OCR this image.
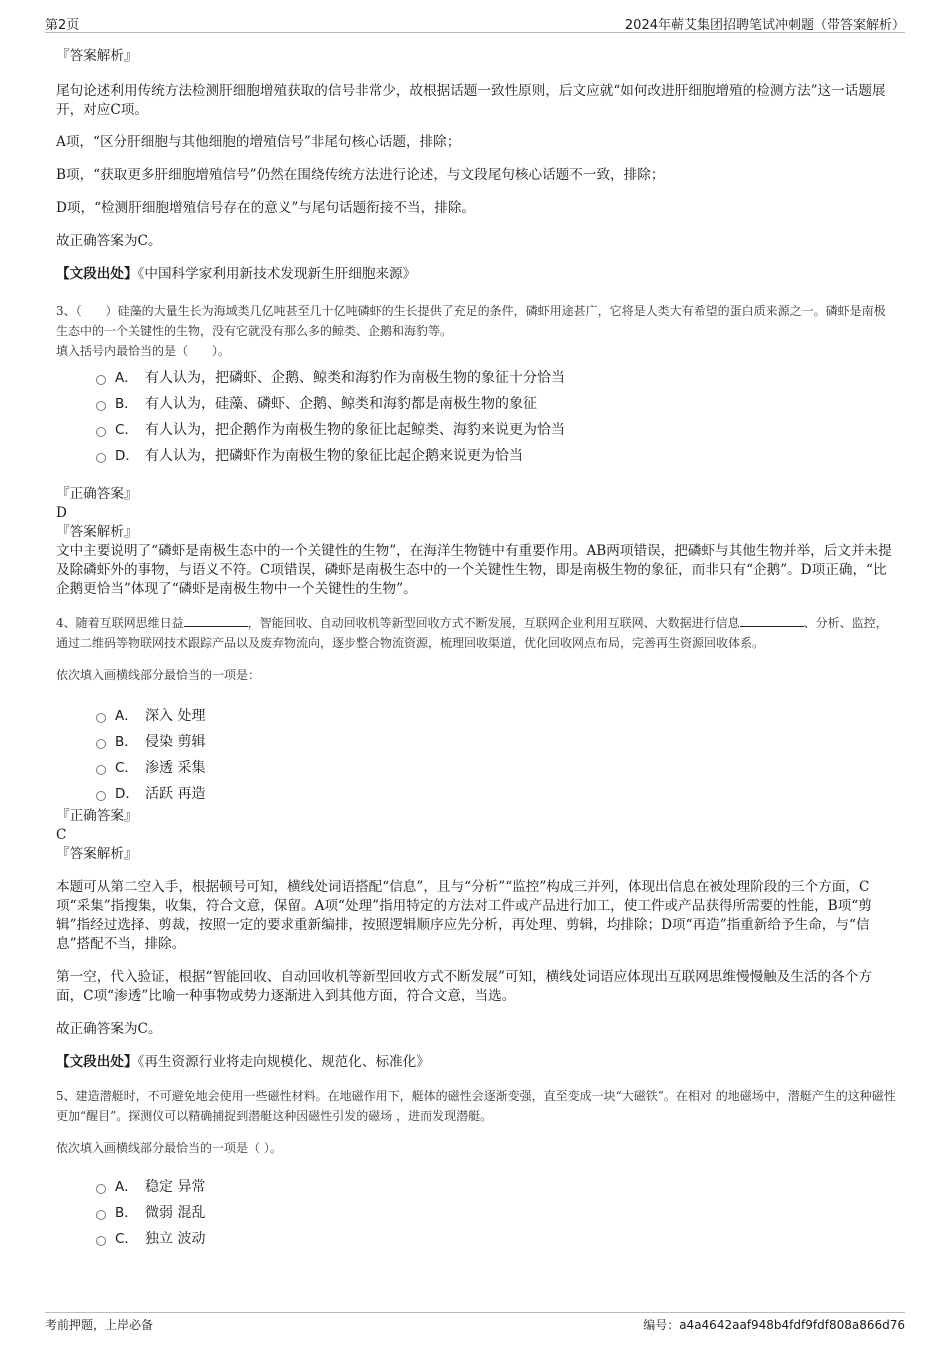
第2页	2024年蕲艾集团招聘笔试冲刺题（带答案解析）

『答案解析』

尾句论述利用传统方法检测肝细胞增殖获取的信号非常少，故根据话题一致性原则，后文应就“如何改进肝细胞增殖的检测方法”这一话题展开，对应C项。

A项，“区分肝细胞与其他细胞的增殖信号”非尾句核心话题，排除；

B项，“获取更多肝细胞增殖信号”仍然在围绕传统方法进行论述，与文段尾句核心话题不一致，排除；

D项，“检测肝细胞增殖信号存在的意义”与尾句话题衔接不当，排除。

故正确答案为C。

【文段出处】《中国科学家利用新技术发现新生肝细胞来源》

3、（　　）硅藻的大量生长为海域类几亿吨甚至几十亿吨磷虾的生长提供了充足的条件，磷虾用途甚广，它将是人类大有希望的蛋白质来源之一。磷虾是南极生态中的一个关键性的生物，没有它就没有那么多的鲸类、企鹅和海豹等。

填入括号内最恰当的是（　　）。

A． 有人认为，把磷虾、企鹅、鲸类和海豹作为南极生物的象征十分恰当
B． 有人认为，硅藻、磷虾、企鹅、鲸类和海豹都是南极生物的象征
C． 有人认为，把企鹅作为南极生物的象征比起鲸类、海豹来说更为恰当
D． 有人认为，把磷虾作为南极生物的象征比起企鹅来说更为恰当

『正确答案』

D

『答案解析』

文中主要说明了“磷虾是南极生态中的一个关键性的生物”，在海洋生物链中有重要作用。AB两项错误，把磷虾与其他生物并举，后文并未提及除磷虾外的事物，与语义不符。C项错误，磷虾是南极生态中的一个关键性生物，即是南极生物的象征，而非只有“企鹅”。D项正确，“比企鹅更恰当”体现了“磷虾是南极生物中一个关键性的生物”。

4、随着互联网思维日益	，智能回收、自动回收机等新型回收方式不断发展，互联网企业利用互联网、大数据进行信息	、分析、监控，通过二维码等物联网技术跟踪产品以及废弃物流向，逐步整合物流资源，梳理回收渠道，优化回收网点布局，完善再生资源回收体系。

依次填入画横线部分最恰当的一项是：

A． 深入 处理
B． 侵染 剪辑
C． 渗透 采集
D． 活跃 再造

『正确答案』

C

『答案解析』

本题可从第二空入手，根据顿号可知，横线处词语搭配“信息”，且与“分析”“监控”构成三并列，体现出信息在被处理阶段的三个方面，C项“采集”指搜集，收集，符合文意，保留。A项“处理”指用特定的方法对工件或产品进行加工，使工件或产品获得所需要的性能，B项“剪辑”指经过选择、剪裁，按照一定的要求重新编排，按照逻辑顺序应先分析，再处理、剪辑，均排除；D项“再造”指重新给予生命，与“信息”搭配不当，排除。

第一空，代入验证，根据“智能回收、自动回收机等新型回收方式不断发展”可知，横线处词语应体现出互联网思维慢慢触及生活的各个方面，C项“渗透”比喻一种事物或势力逐渐进入到其他方面，符合文意，当选。

故正确答案为C。

【文段出处】《再生资源行业将走向规模化、规范化、标准化》

5、建造潜艇时，不可避免地会使用一些磁性材料。在地磁作用下，艇体的磁性会逐渐变强，直至变成一块“大磁铁”。在相对 的地磁场中，潜艇产生的这种磁性更加“醒目”。探测仪可以精确捕捉到潜艇这种因磁性引发的磁场 ，进而发现潜艇。

依次填入画横线部分最恰当的一项是（ ）。

A． 稳定 异常
B． 微弱 混乱
C． 独立 波动
考前押题，上岸必备	编号：a4a4642aaf948b4fdf9fdf808a866d76
